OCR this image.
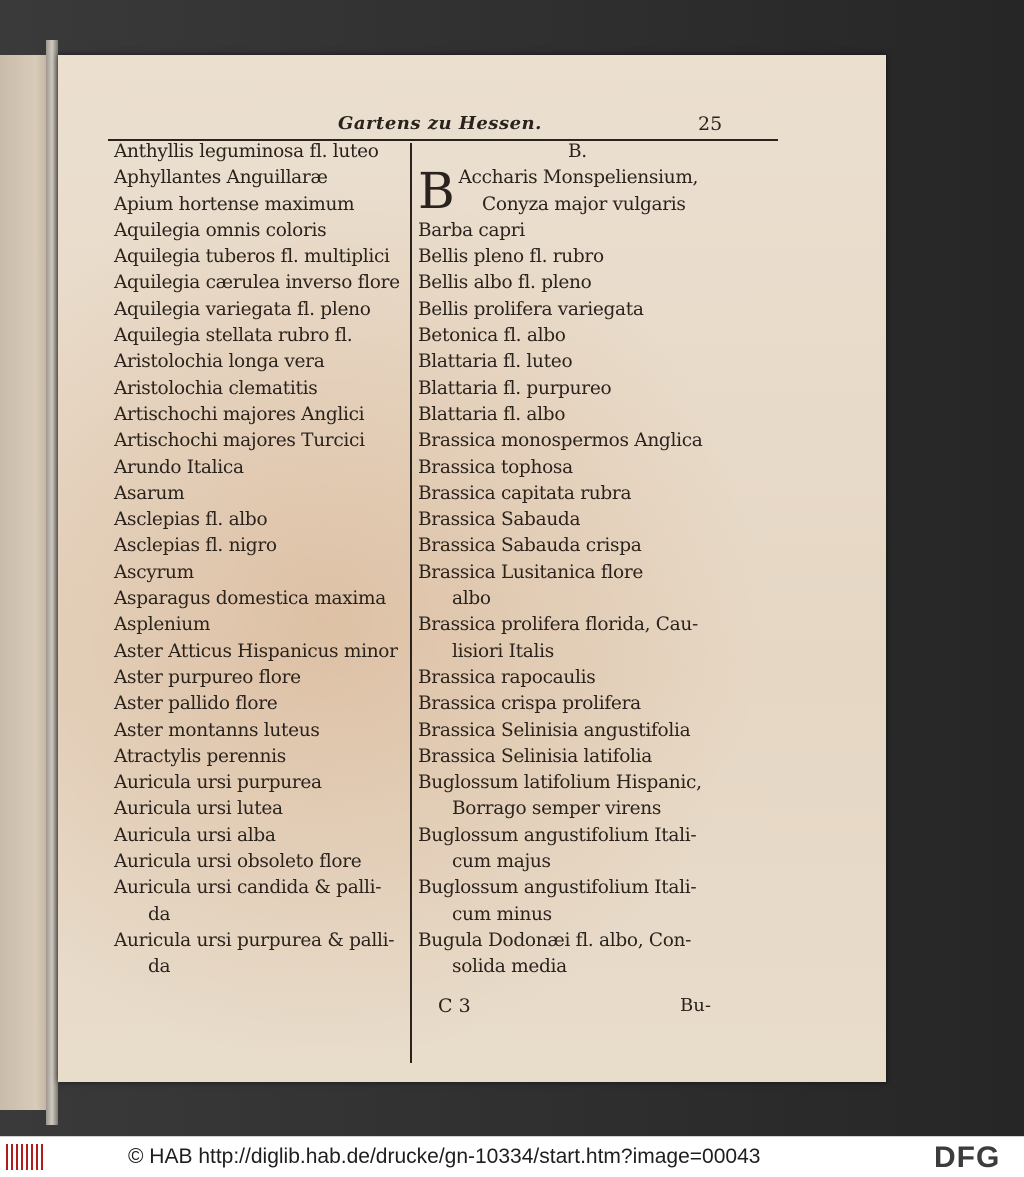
Gartens zu Hessen.	25
Anthyllis leguminosa fl. luteo
Aphyllantes Anguillaræ
Apium hortense maximum
Aquilegia omnis coloris
Aquilegia tuberos fl. multiplici
Aquilegia cærulea inverso flore
Aquilegia variegata fl. pleno
Aquilegia stellata rubro fl.
Aristolochia longa vera
Aristolochia clematitis
Artischochi majores Anglici
Artischochi majores Turcici
Arundo Italica
Asarum
Asclepias fl. albo
Asclepias fl. nigro
Ascyrum
Asparagus domestica maxima
Asplenium
Aster Atticus Hispanicus minor
Aster purpureo flore
Aster pallido flore
Aster montanns luteus
Atractylis perennis
Auricula ursi purpurea
Auricula ursi lutea
Auricula ursi alba
Auricula ursi obsoleto flore
Auricula ursi candida & palli-
da
Auricula ursi purpurea & palli-
da
B.
B Accharis Monspeliensium,
Conyza major vulgaris
Barba capri
Bellis pleno fl. rubro
Bellis albo fl. pleno
Bellis prolifera variegata
Betonica fl. albo
Blattaria fl. luteo
Blattaria fl. purpureo
Blattaria fl. albo
Brassica monospermos Anglica
Brassica tophosa
Brassica capitata rubra
Brassica Sabauda
Brassica Sabauda crispa
Brassica Lusitanica flore
albo
Brassica prolifera florida, Cau-
lisiori Italis
Brassica rapocaulis
Brassica crispa prolifera
Brassica Selinisia angustifolia
Brassica Selinisia latifolia
Buglossum latifolium Hispanic,
Borrago semper virens
Buglossum angustifolium Itali-
cum majus
Buglossum angustifolium Itali-
cum minus
Bugula Dodonæi fl. albo, Con-
solida media
C 3	Bu-
© HAB http://diglib.hab.de/drucke/gn-10334/start.htm?image=00043	DFG
